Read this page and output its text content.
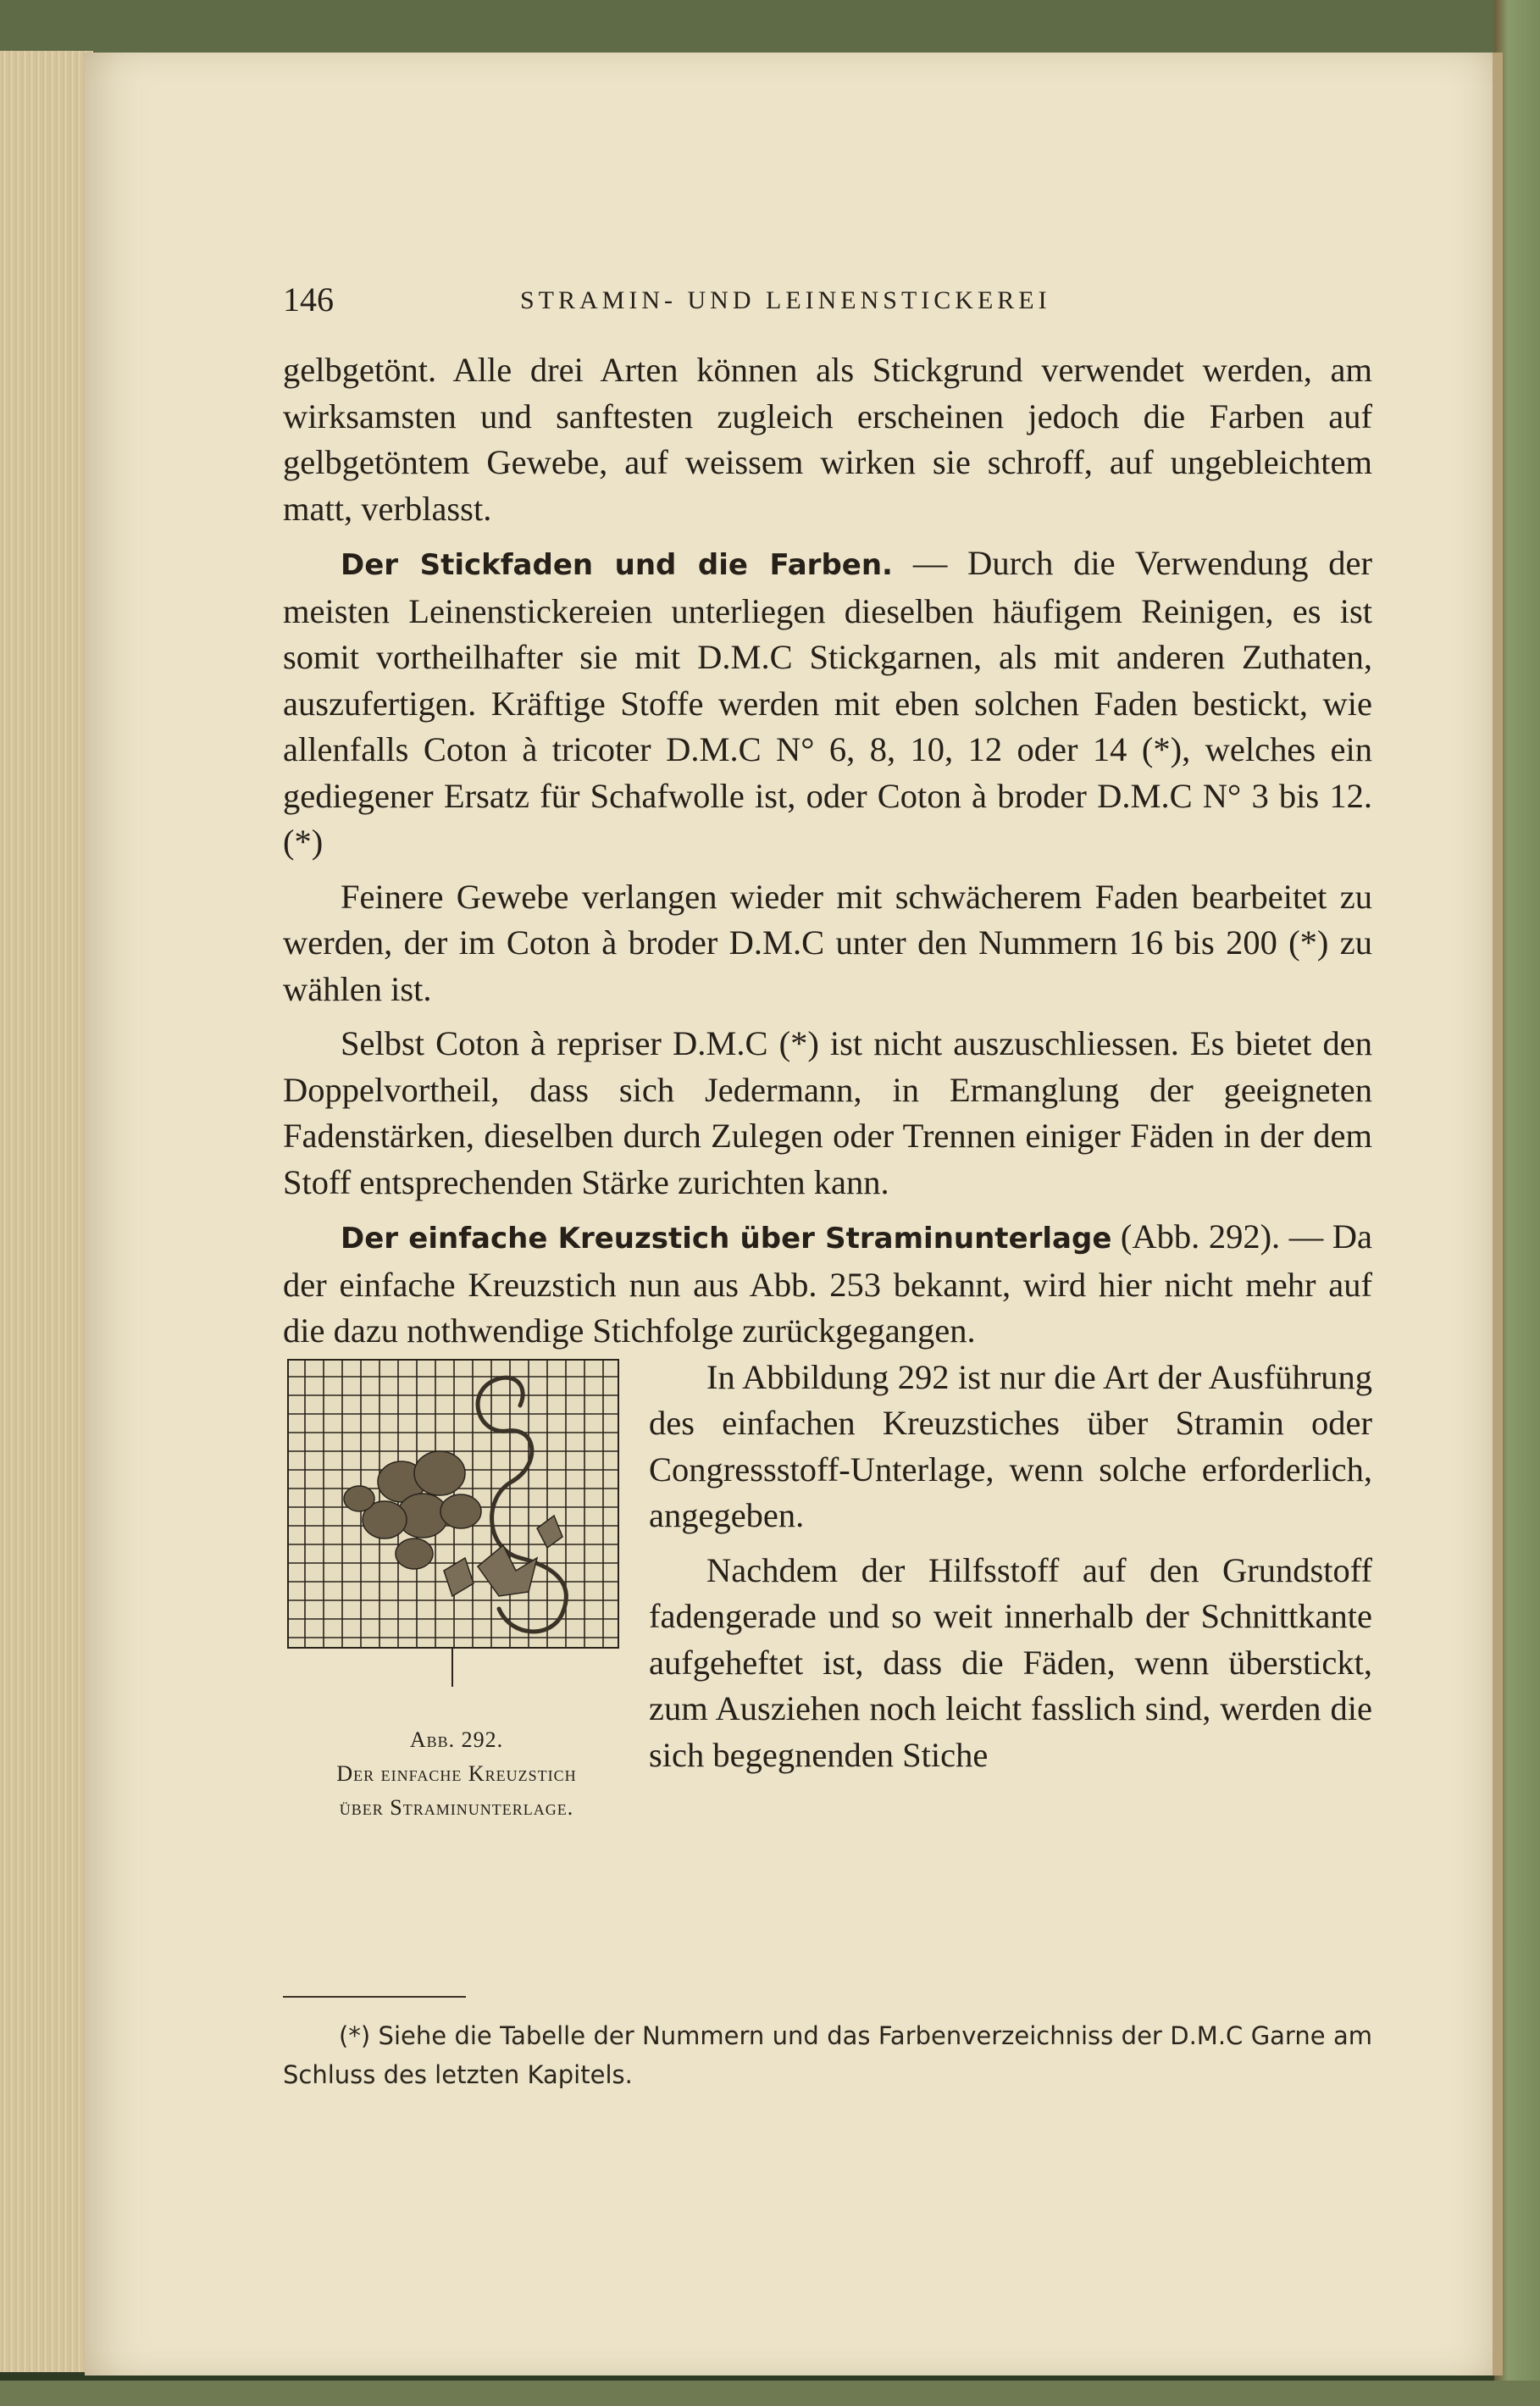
146	STRAMIN- UND LEINENSTICKEREI

gelbgetönt. Alle drei Arten können als Stickgrund verwendet werden, am wirksamsten und sanftesten zugleich erscheinen jedoch die Farben auf gelbgetöntem Gewebe, auf weissem wirken sie schroff, auf ungebleichtem matt, verblasst.

Der Stickfaden und die Farben. — Durch die Verwendung der meisten Leinenstickereien unterliegen dieselben häufigem Reinigen, es ist somit vortheilhafter sie mit D.M.C Stickgarnen, als mit anderen Zuthaten, auszufertigen. Kräftige Stoffe werden mit eben solchen Faden bestickt, wie allenfalls Coton à tricoter D.M.C N° 6, 8, 10, 12 oder 14 (*), welches ein gediegener Ersatz für Schafwolle ist, oder Coton à broder D.M.C N° 3 bis 12. (*)

Feinere Gewebe verlangen wieder mit schwächerem Faden bearbeitet zu werden, der im Coton à broder D.M.C unter den Nummern 16 bis 200 (*) zu wählen ist.

Selbst Coton à repriser D.M.C (*) ist nicht auszuschliessen. Es bietet den Doppelvortheil, dass sich Jedermann, in Ermanglung der geeigneten Fadenstärken, dieselben durch Zulegen oder Trennen einiger Fäden in der dem Stoff entsprechenden Stärke zurichten kann.

Der einfache Kreuzstich über Straminunterlage (Abb. 292). — Da der einfache Kreuzstich nun aus Abb. 253 bekannt, wird hier nicht mehr auf die dazu nothwendige Stichfolge zurückgegangen.

Abb. 292.
Der einfache Kreuzstich
über Straminunterlage.

In Abbildung 292 ist nur die Art der Ausführung des einfachen Kreuzstiches über Stramin oder Congressstoff-Unterlage, wenn solche erforderlich, angegeben.

Nachdem der Hilfsstoff auf den Grundstoff fadengerade und so weit innerhalb der Schnittkante aufgeheftet ist, dass die Fäden, wenn überstickt, zum Ausziehen noch leicht fasslich sind, werden die sich begegnenden Stiche

(*) Siehe die Tabelle der Nummern und das Farbenverzeichniss der D.M.C Garne am Schluss des letzten Kapitels.
